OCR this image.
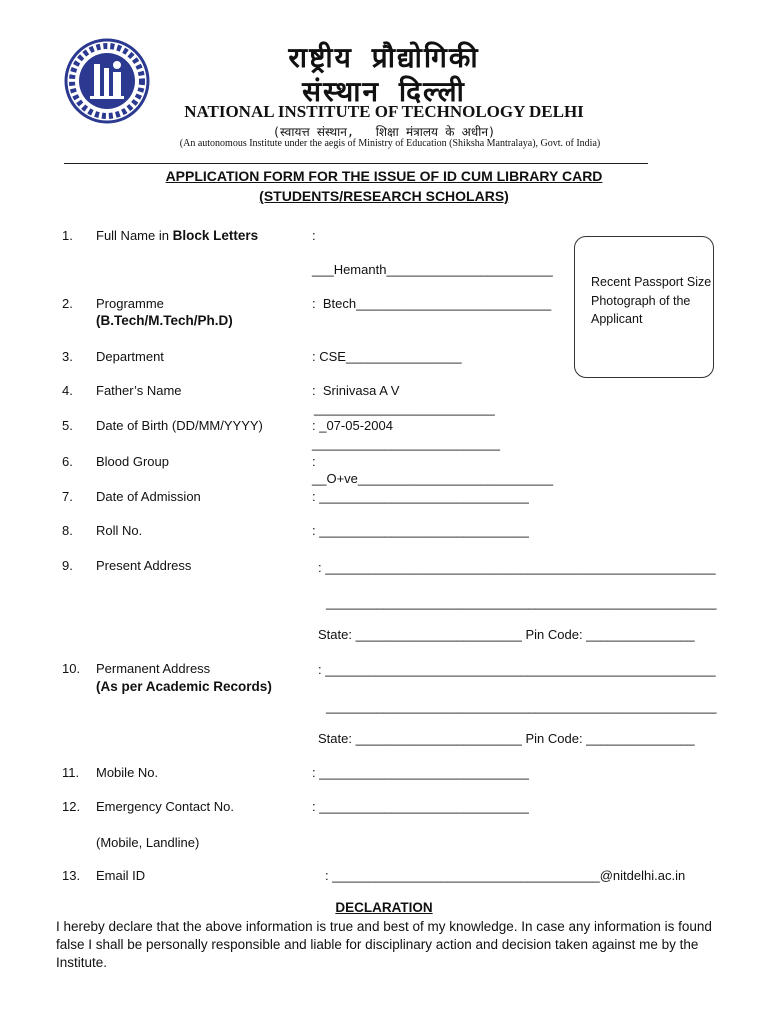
राष्ट्रीय प्रौद्योगिकी
संस्थान दिल्ली
NATIONAL INSTITUTE OF TECHNOLOGY DELHI
(स्वायत्त संस्थान,   शिक्षा मंत्रालय के अधीन)
(An autonomous Institute under the aegis of Ministry of Education (Shiksha Mantralaya), Govt. of India)
APPLICATION FORM FOR THE ISSUE OF ID CUM LIBRARY CARD
(STUDENTS/RESEARCH SCHOLARS)
Recent Passport Size Photograph of the Applicant
1. Full Name in Block Letters	:
___Hemanth_______________________
2. Programme
(B.Tech/M.Tech/Ph.D)
:  Btech___________________________
3. Department	: CSE________________
4. Father’s Name	:  Srinivasa A V
_________________________
5. Date of Birth (DD/MM/YYYY)	: _07-05-2004
__________________________
6. Blood Group	:
__O+ve___________________________
7. Date of Admission	: _____________________________
8. Roll No.	: _____________________________
9. Present Address	: ______________________________________________________
______________________________________________________
State: _______________________ Pin Code: _______________
10. Permanent Address
(As per Academic Records)
: ______________________________________________________
______________________________________________________
State: _______________________ Pin Code: _______________
11. Mobile No.	: _____________________________
12. Emergency Contact No.	: _____________________________
(Mobile, Landline)
13. Email ID	: _____________________________________@nitdelhi.ac.in
DECLARATION
I hereby declare that the above information is true and best of my knowledge. In case any information is found false I shall be personally responsible and liable for disciplinary action and decision taken against me by the Institute.
